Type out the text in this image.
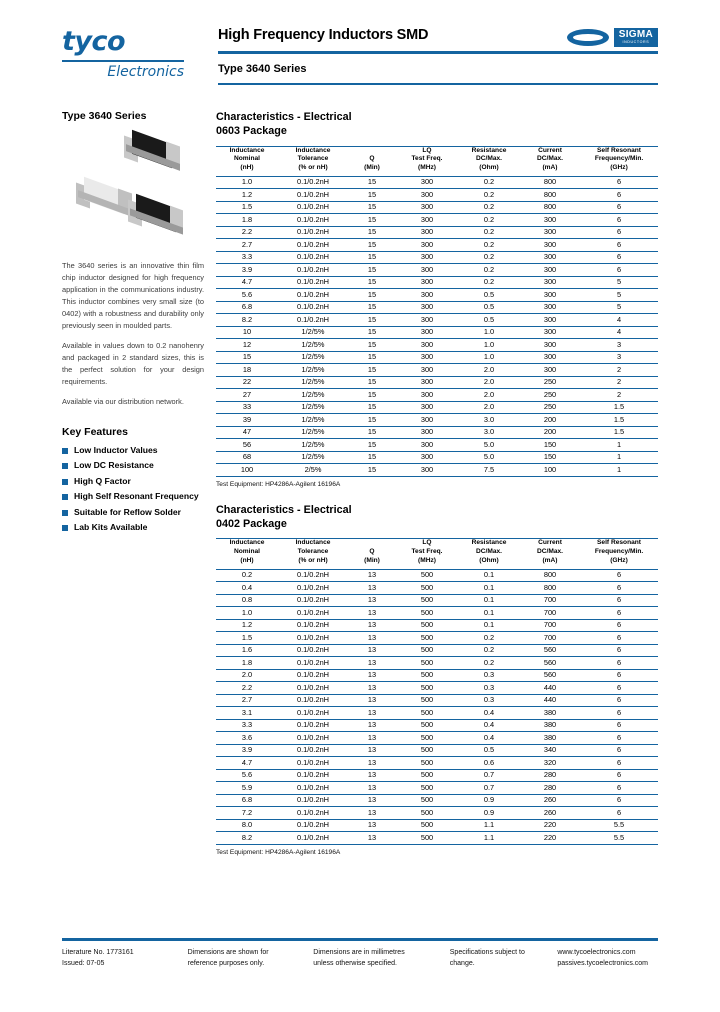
tyco
Electronics
High Frequency Inductors SMD
Type 3640 Series
SIGMA
INDUCTORS
Type 3640 Series
The 3640 series is an innovative thin film chip inductor designed for high frequency application in the communications industry. This inductor combines very small size (to 0402) with a robustness and durability only previously seen in moulded parts.
Available in values down to 0.2 nanohenry and packaged in 2 standard sizes, this is the perfect solution for your design requirements.
Available via our distribution network.
Key Features
Low Inductor Values
Low DC Resistance
High Q Factor
High Self Resonant Frequency
Suitable for Reflow Solder
Lab Kits Available
Characteristics - Electrical
0603 Package
Inductance
Nominal
(nH)	Inductance
Tolerance
(% or nH)	Q
(Min)	LQ
Test Freq.
(MHz)	Resistance
DC/Max.
(Ohm)	Current
DC/Max.
(mA)	Self Resonant
Frequency/Min.
(GHz)
1.0	0.1/0.2nH	15	300	0.2	800	6
1.2	0.1/0.2nH	15	300	0.2	800	6
1.5	0.1/0.2nH	15	300	0.2	800	6
1.8	0.1/0.2nH	15	300	0.2	300	6
2.2	0.1/0.2nH	15	300	0.2	300	6
2.7	0.1/0.2nH	15	300	0.2	300	6
3.3	0.1/0.2nH	15	300	0.2	300	6
3.9	0.1/0.2nH	15	300	0.2	300	6
4.7	0.1/0.2nH	15	300	0.2	300	5
5.6	0.1/0.2nH	15	300	0.5	300	5
6.8	0.1/0.2nH	15	300	0.5	300	5
8.2	0.1/0.2nH	15	300	0.5	300	4
10	1/2/5%	15	300	1.0	300	4
12	1/2/5%	15	300	1.0	300	3
15	1/2/5%	15	300	1.0	300	3
18	1/2/5%	15	300	2.0	300	2
22	1/2/5%	15	300	2.0	250	2
27	1/2/5%	15	300	2.0	250	2
33	1/2/5%	15	300	2.0	250	1.5
39	1/2/5%	15	300	3.0	200	1.5
47	1/2/5%	15	300	3.0	200	1.5
56	1/2/5%	15	300	5.0	150	1
68	1/2/5%	15	300	5.0	150	1
100	2/5%	15	300	7.5	100	1
Test Equipment: HP4286A-Agilent 16196A
Characteristics - Electrical
0402 Package
Inductance
Nominal
(nH)	Inductance
Tolerance
(% or nH)	Q
(Min)	LQ
Test Freq.
(MHz)	Resistance
DC/Max.
(Ohm)	Current
DC/Max.
(mA)	Self Resonant
Frequency/Min.
(GHz)
0.2	0.1/0.2nH	13	500	0.1	800	6
0.4	0.1/0.2nH	13	500	0.1	800	6
0.8	0.1/0.2nH	13	500	0.1	700	6
1.0	0.1/0.2nH	13	500	0.1	700	6
1.2	0.1/0.2nH	13	500	0.1	700	6
1.5	0.1/0.2nH	13	500	0.2	700	6
1.6	0.1/0.2nH	13	500	0.2	560	6
1.8	0.1/0.2nH	13	500	0.2	560	6
2.0	0.1/0.2nH	13	500	0.3	560	6
2.2	0.1/0.2nH	13	500	0.3	440	6
2.7	0.1/0.2nH	13	500	0.3	440	6
3.1	0.1/0.2nH	13	500	0.4	380	6
3.3	0.1/0.2nH	13	500	0.4	380	6
3.6	0.1/0.2nH	13	500	0.4	380	6
3.9	0.1/0.2nH	13	500	0.5	340	6
4.7	0.1/0.2nH	13	500	0.6	320	6
5.6	0.1/0.2nH	13	500	0.7	280	6
5.9	0.1/0.2nH	13	500	0.7	280	6
6.8	0.1/0.2nH	13	500	0.9	260	6
7.2	0.1/0.2nH	13	500	0.9	260	6
8.0	0.1/0.2nH	13	500	1.1	220	5.5
8.2	0.1/0.2nH	13	500	1.1	220	5.5
Test Equipment: HP4286A-Agilent 16196A
Literature No. 1773161
Issued: 07-05
Dimensions are shown for
reference purposes only.
Dimensions are in millimetres
unless otherwise specified.
Specifications subject to
change.
www.tycoelectronics.com
passives.tycoelectronics.com
